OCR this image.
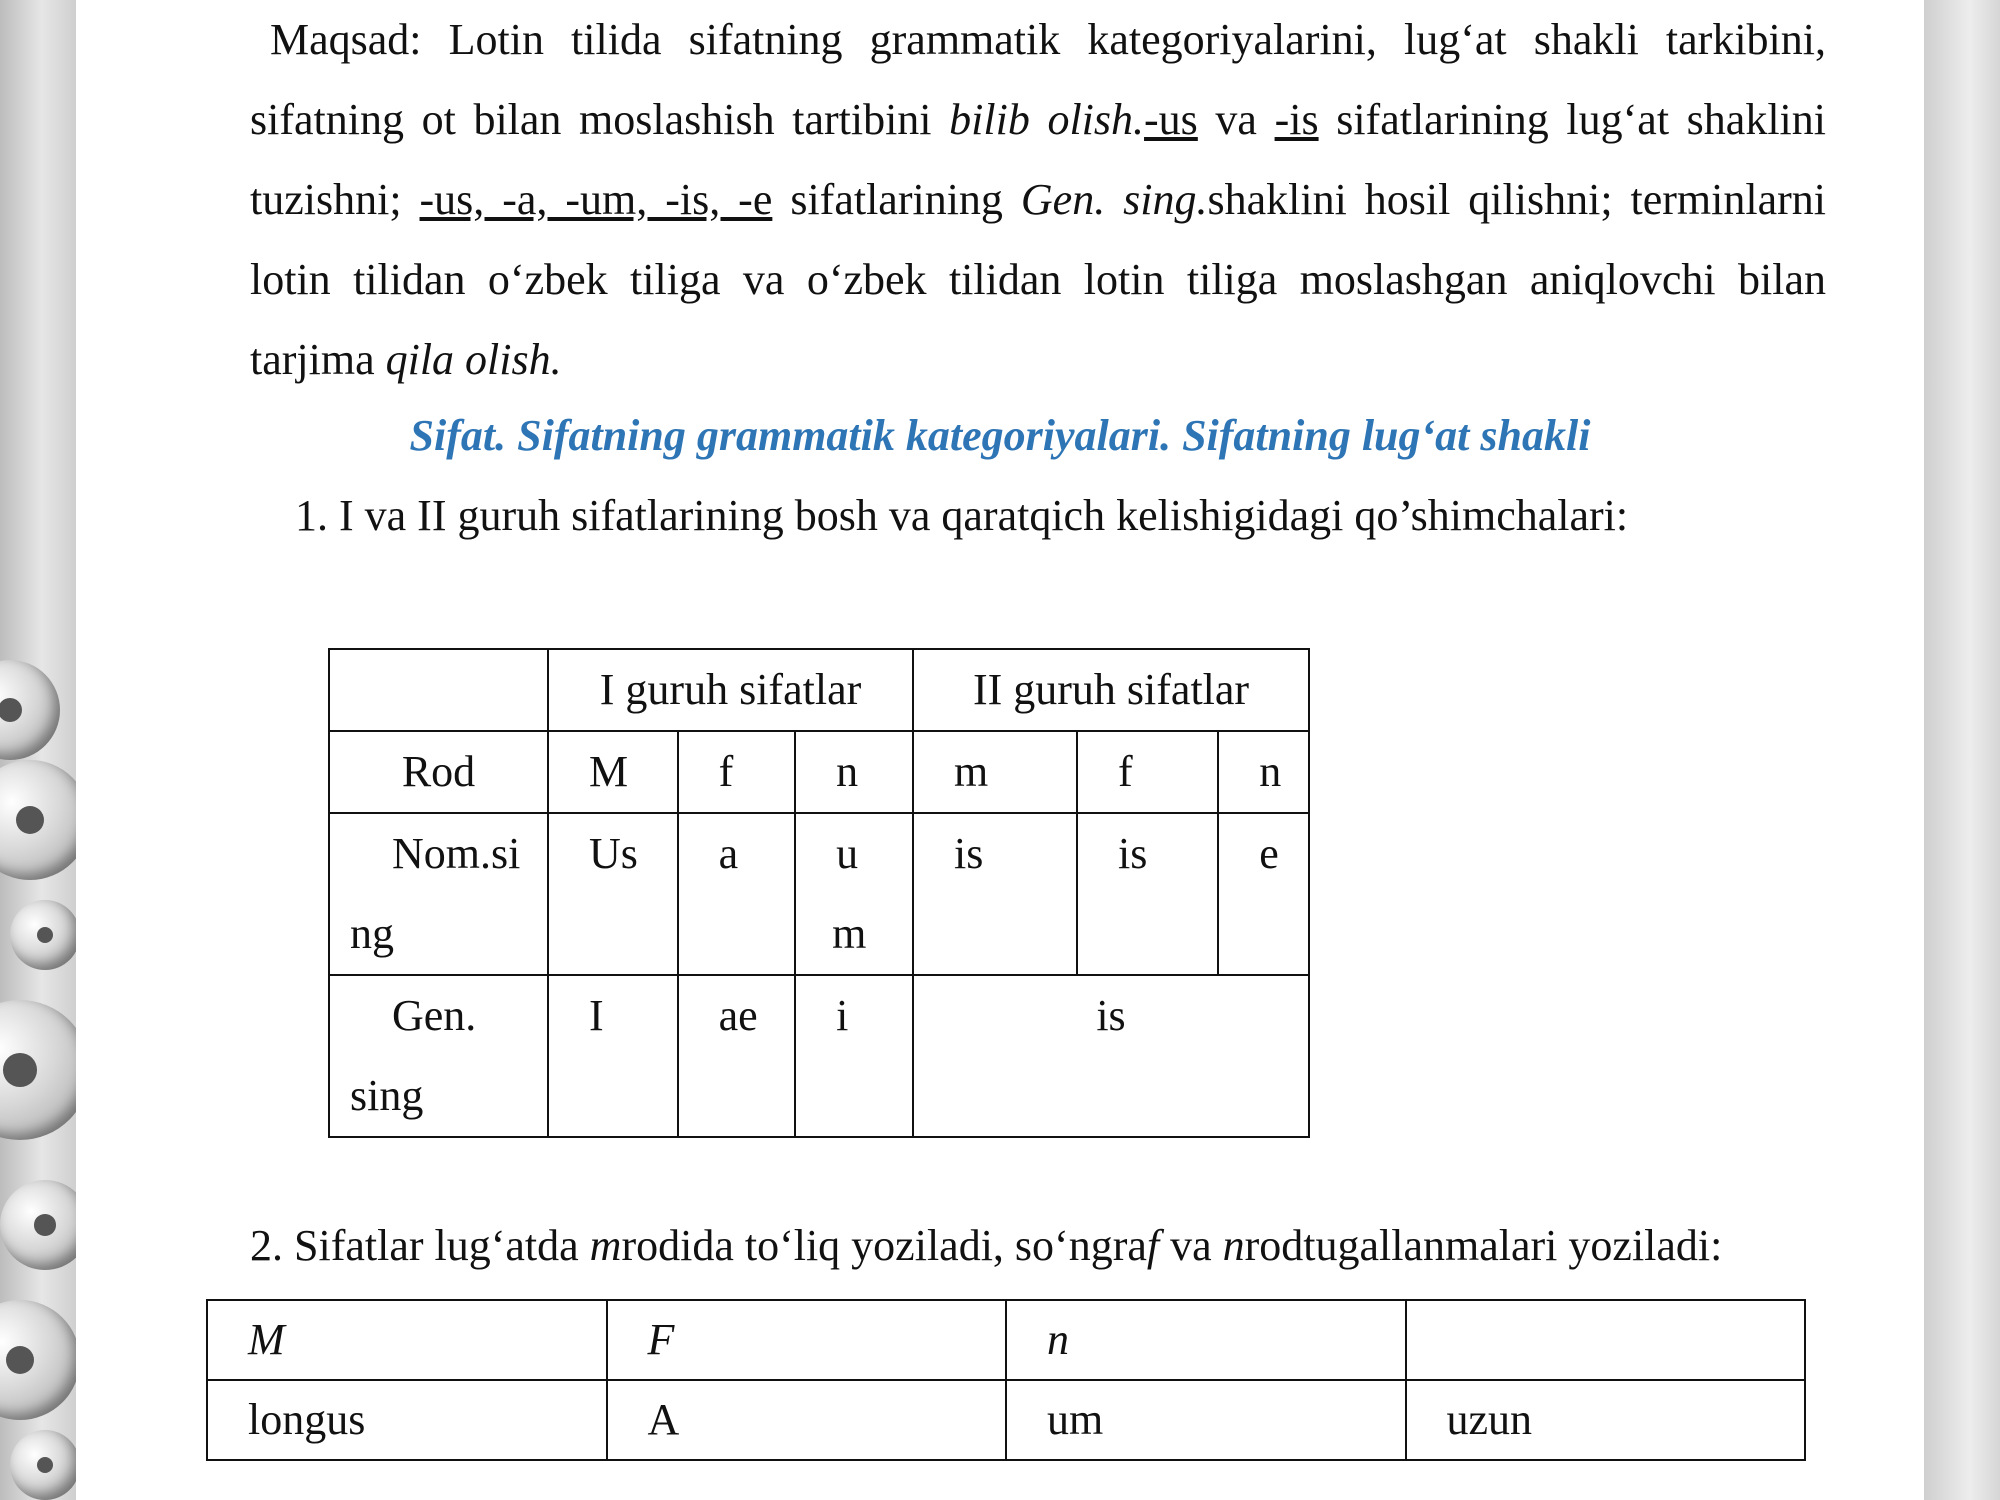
Maqsad: Lotin tilida sifatning grammatik kategoriyalarini, lug‘at shakli tarkibini, sifatning ot bilan moslashish tartibini bilib olish.-us va -is sifatlarining lug‘at shaklini tuzishni; -us, -a, -um, -is, -e sifatlarining Gen. sing.shaklini hosil qilishni; terminlarni lotin tilidan o‘zbek tiliga va o‘zbek tilidan lotin tiliga moslashgan aniqlovchi bilan tarjima qila olish.
Sifat. Sifatning grammatik kategoriyalari. Sifatning lug‘at shakli
1. I va II guruh sifatlarining bosh va qaratqich kelishigidagi qo’shimchalari:
	I guruh sifatlar			II guruh sifatlar		
Rod	M	f	n	m	f	n

Nom.sing	Us	a	um	is	is	e

Gen. sing	I	ae	i	is		
2. Sifatlar lug‘atda mrodida to‘liq yoziladi, so‘ngraf va nrodtugallanmalari yoziladi:
M	F	n	
longus	A	um	uzun
